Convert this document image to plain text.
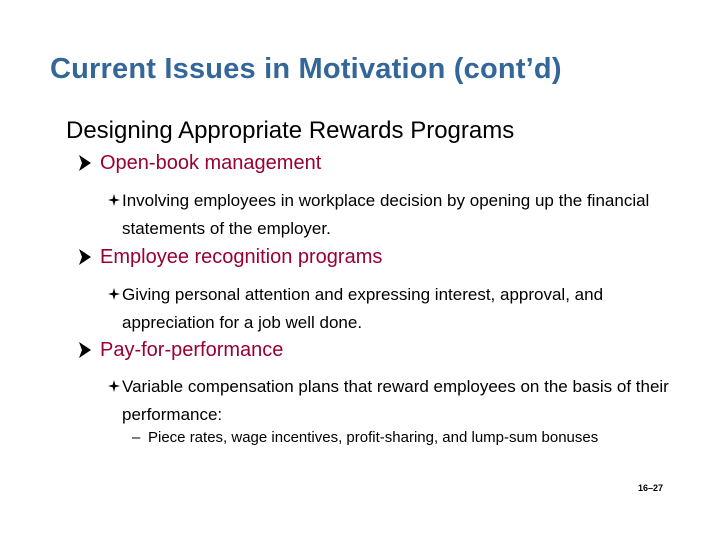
Current Issues in Motivation (cont’d)
Designing Appropriate Rewards Programs
Open-book management
Involving employees in workplace decision by opening up the financial statements of the employer.
Employee recognition programs
Giving personal attention and expressing interest, approval, and appreciation for a job well done.
Pay-for-performance
Variable compensation plans that reward employees on the basis of their performance:
– Piece rates, wage incentives, profit-sharing, and lump-sum bonuses
16–27
